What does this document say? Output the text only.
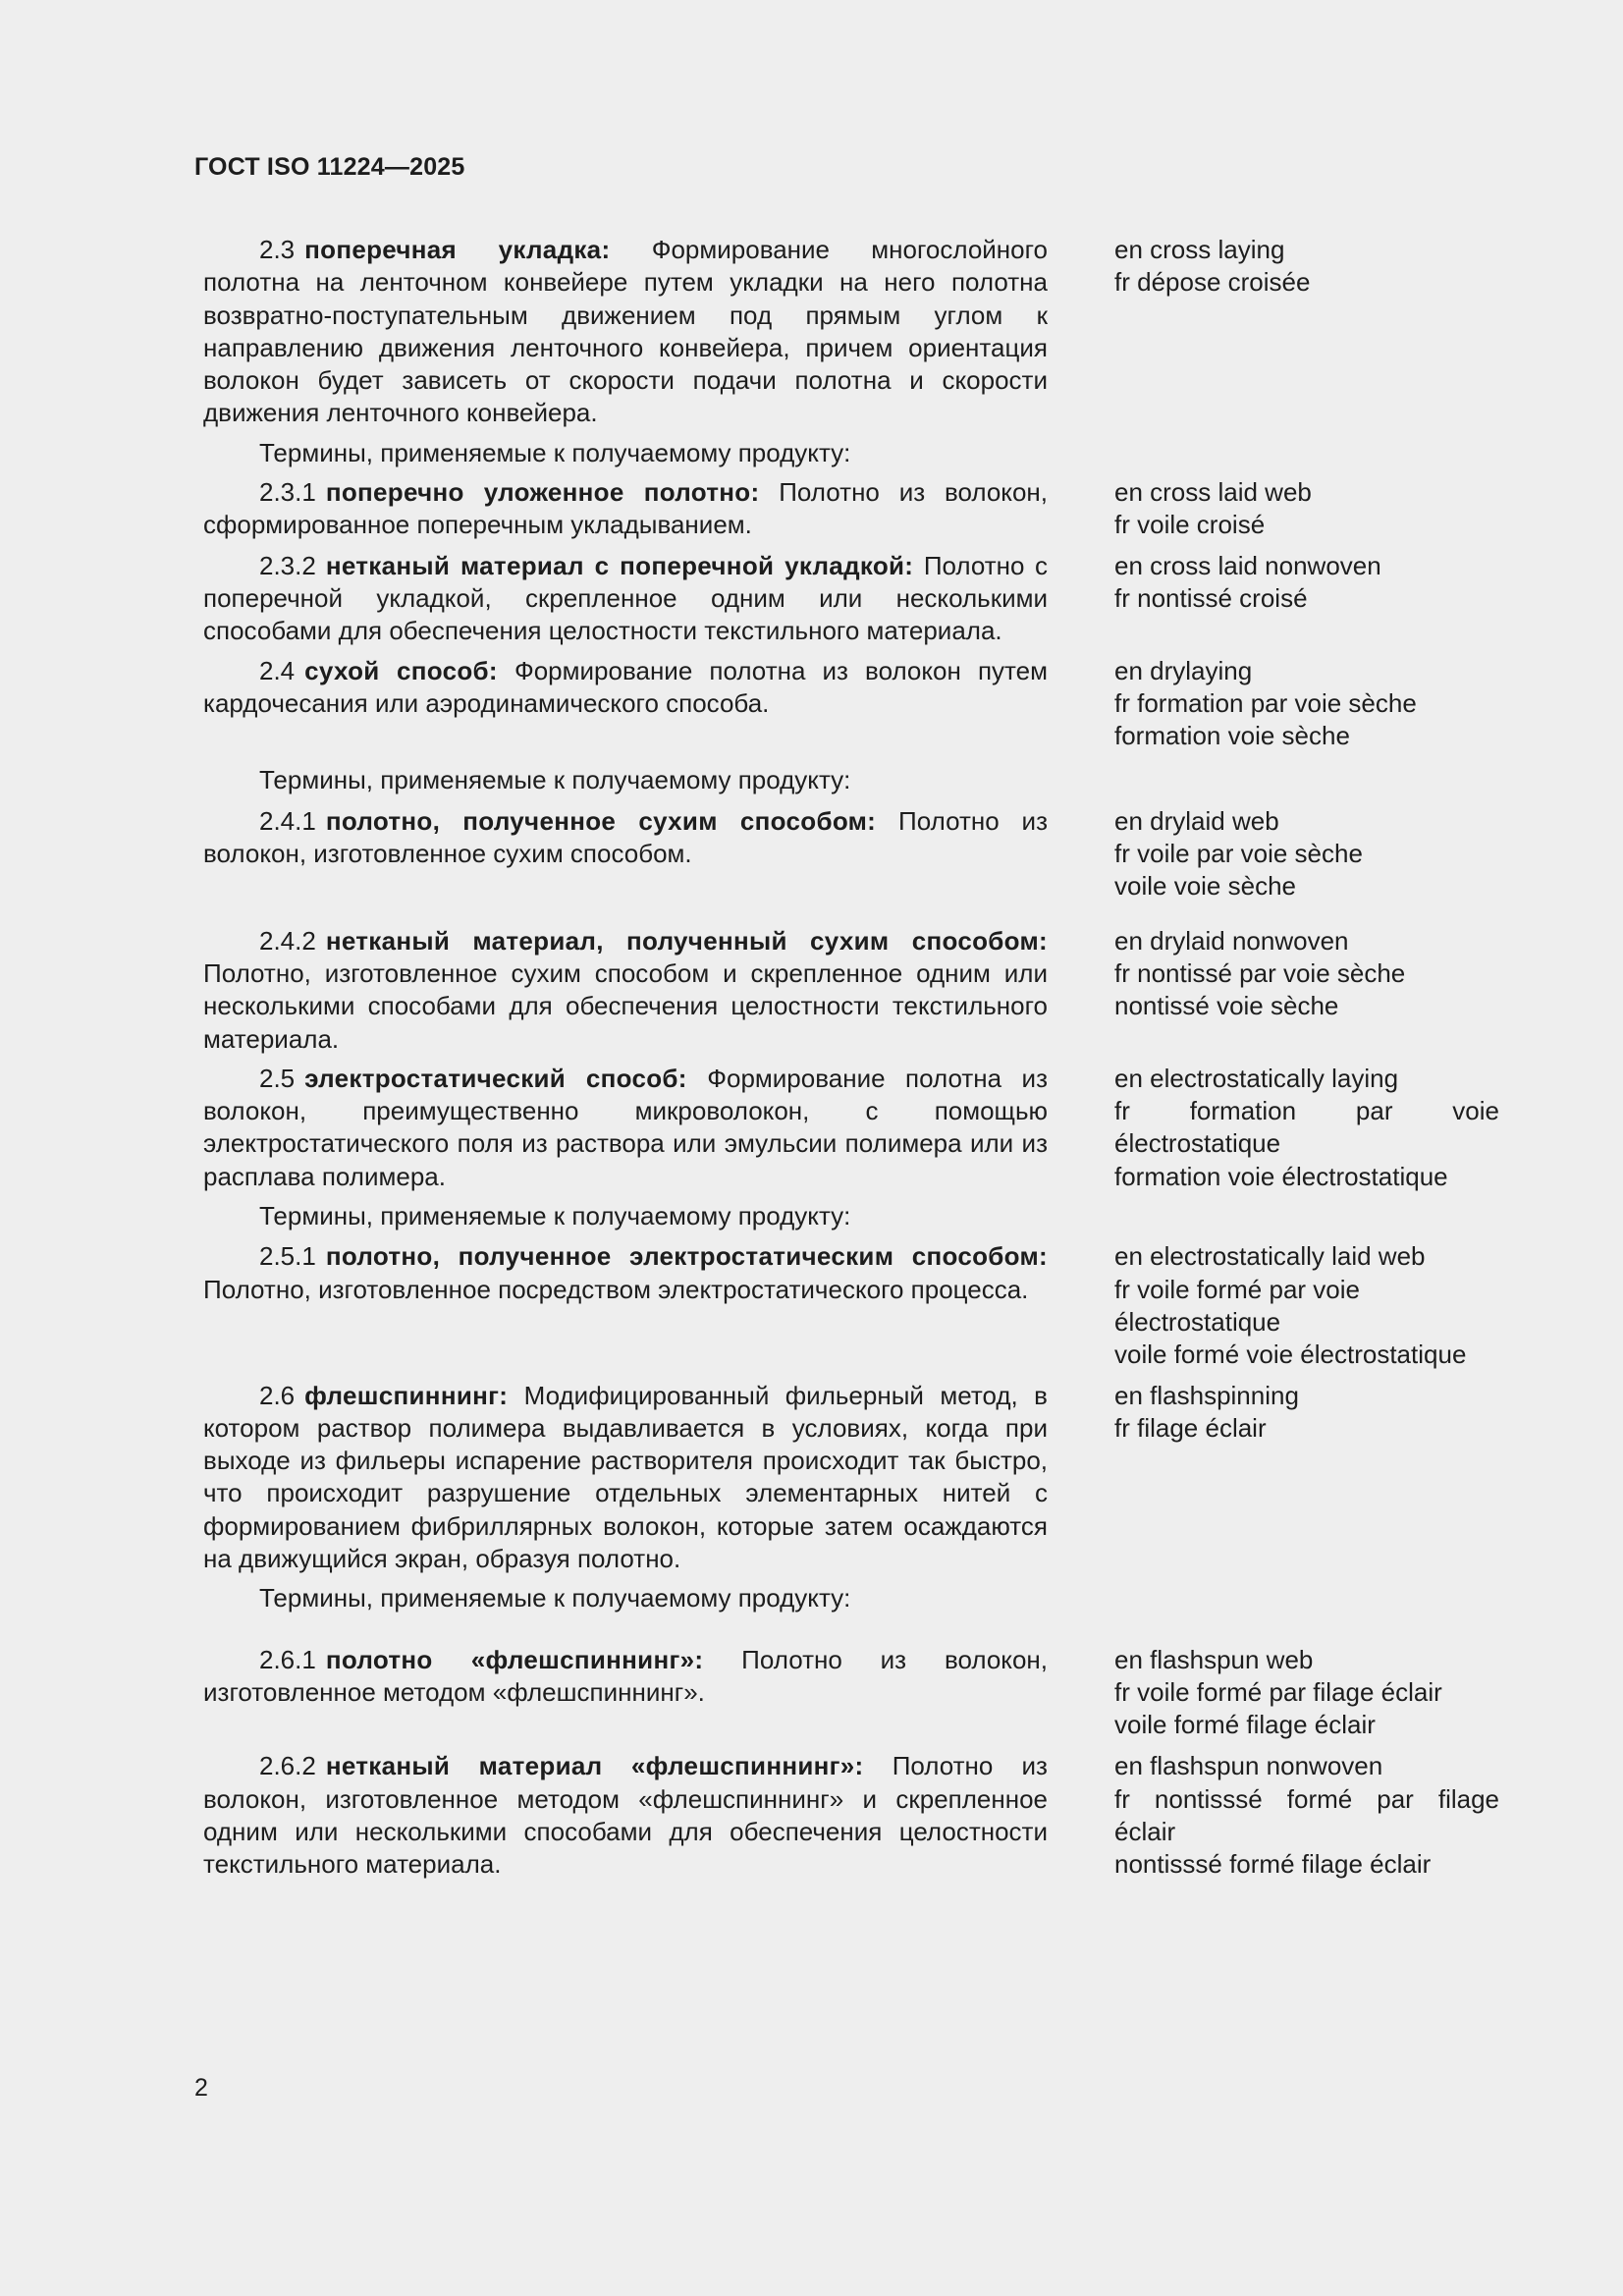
ГОСТ ISO 11224—2025
2.3 поперечная укладка: Формирование многослойного полотна на ленточном конвейере путем укладки на него полотна возвратно-поступательным движением под прямым углом к направлению движения ленточного конвейера, причем ориентация волокон будет зависеть от скорости подачи полотна и скорости движения ленточного конвейера.
en cross laying
fr dépose croisée
Термины, применяемые к получаемому продукту:
2.3.1 поперечно уложенное полотно: Полотно из волокон, сформированное поперечным укладыванием.
en cross laid web
fr voile croisé
2.3.2 нетканый материал с поперечной укладкой: Полотно с поперечной укладкой, скрепленное одним или несколькими способами для обеспечения целостности текстильного материала.
en cross laid nonwoven
fr nontissé croisé
2.4 сухой способ: Формирование полотна из волокон путем кардочесания или аэродинамического способа.
en drylaying
fr formation par voie sèche
formation voie sèche
Термины, применяемые к получаемому продукту:
2.4.1 полотно, полученное сухим способом: Полотно из волокон, изготовленное сухим способом.
en drylaid web
fr voile par voie sèche
voile voie sèche
2.4.2 нетканый материал, полученный сухим способом: Полотно, изготовленное сухим способом и скрепленное одним или несколькими способами для обеспечения целостности текстильного материала.
en drylaid nonwoven
fr nontissé par voie sèche
nontissé voie sèche
2.5 электростатический способ: Формирование полотна из волокон, преимущественно микроволокон, с помощью электростатического поля из раствора или эмульсии полимера или из расплава полимера.
en electrostatically laying
fr formation par voie
électrostatique
formation voie électrostatique
Термины, применяемые к получаемому продукту:
2.5.1 полотно, полученное электростатическим способом: Полотно, изготовленное посредством электростатического процесса.
en electrostatically laid web
fr voile formé par voie
électrostatique
voile formé voie électrostatique
2.6 флешспиннинг: Модифицированный фильерный метод, в котором раствор полимера выдавливается в условиях, когда при выходе из фильеры испарение растворителя происходит так быстро, что происходит разрушение отдельных элементарных нитей с формированием фибриллярных волокон, которые затем осаждаются на движущийся экран, образуя полотно.
en flashspinning
fr filage éclair
Термины, применяемые к получаемому продукту:
2.6.1 полотно «флешспиннинг»: Полотно из волокон, изготовленное методом «флешспиннинг».
en flashspun web
fr voile formé par filage éclair
voile formé filage éclair
2.6.2 нетканый материал «флешспиннинг»: Полотно из волокон, изготовленное методом «флешспиннинг» и скрепленное одним или несколькими способами для обеспечения целостности текстильного материала.
en flashspun nonwoven
fr nontisssé formé par filage
éclair
nontisssé formé filage éclair
2
